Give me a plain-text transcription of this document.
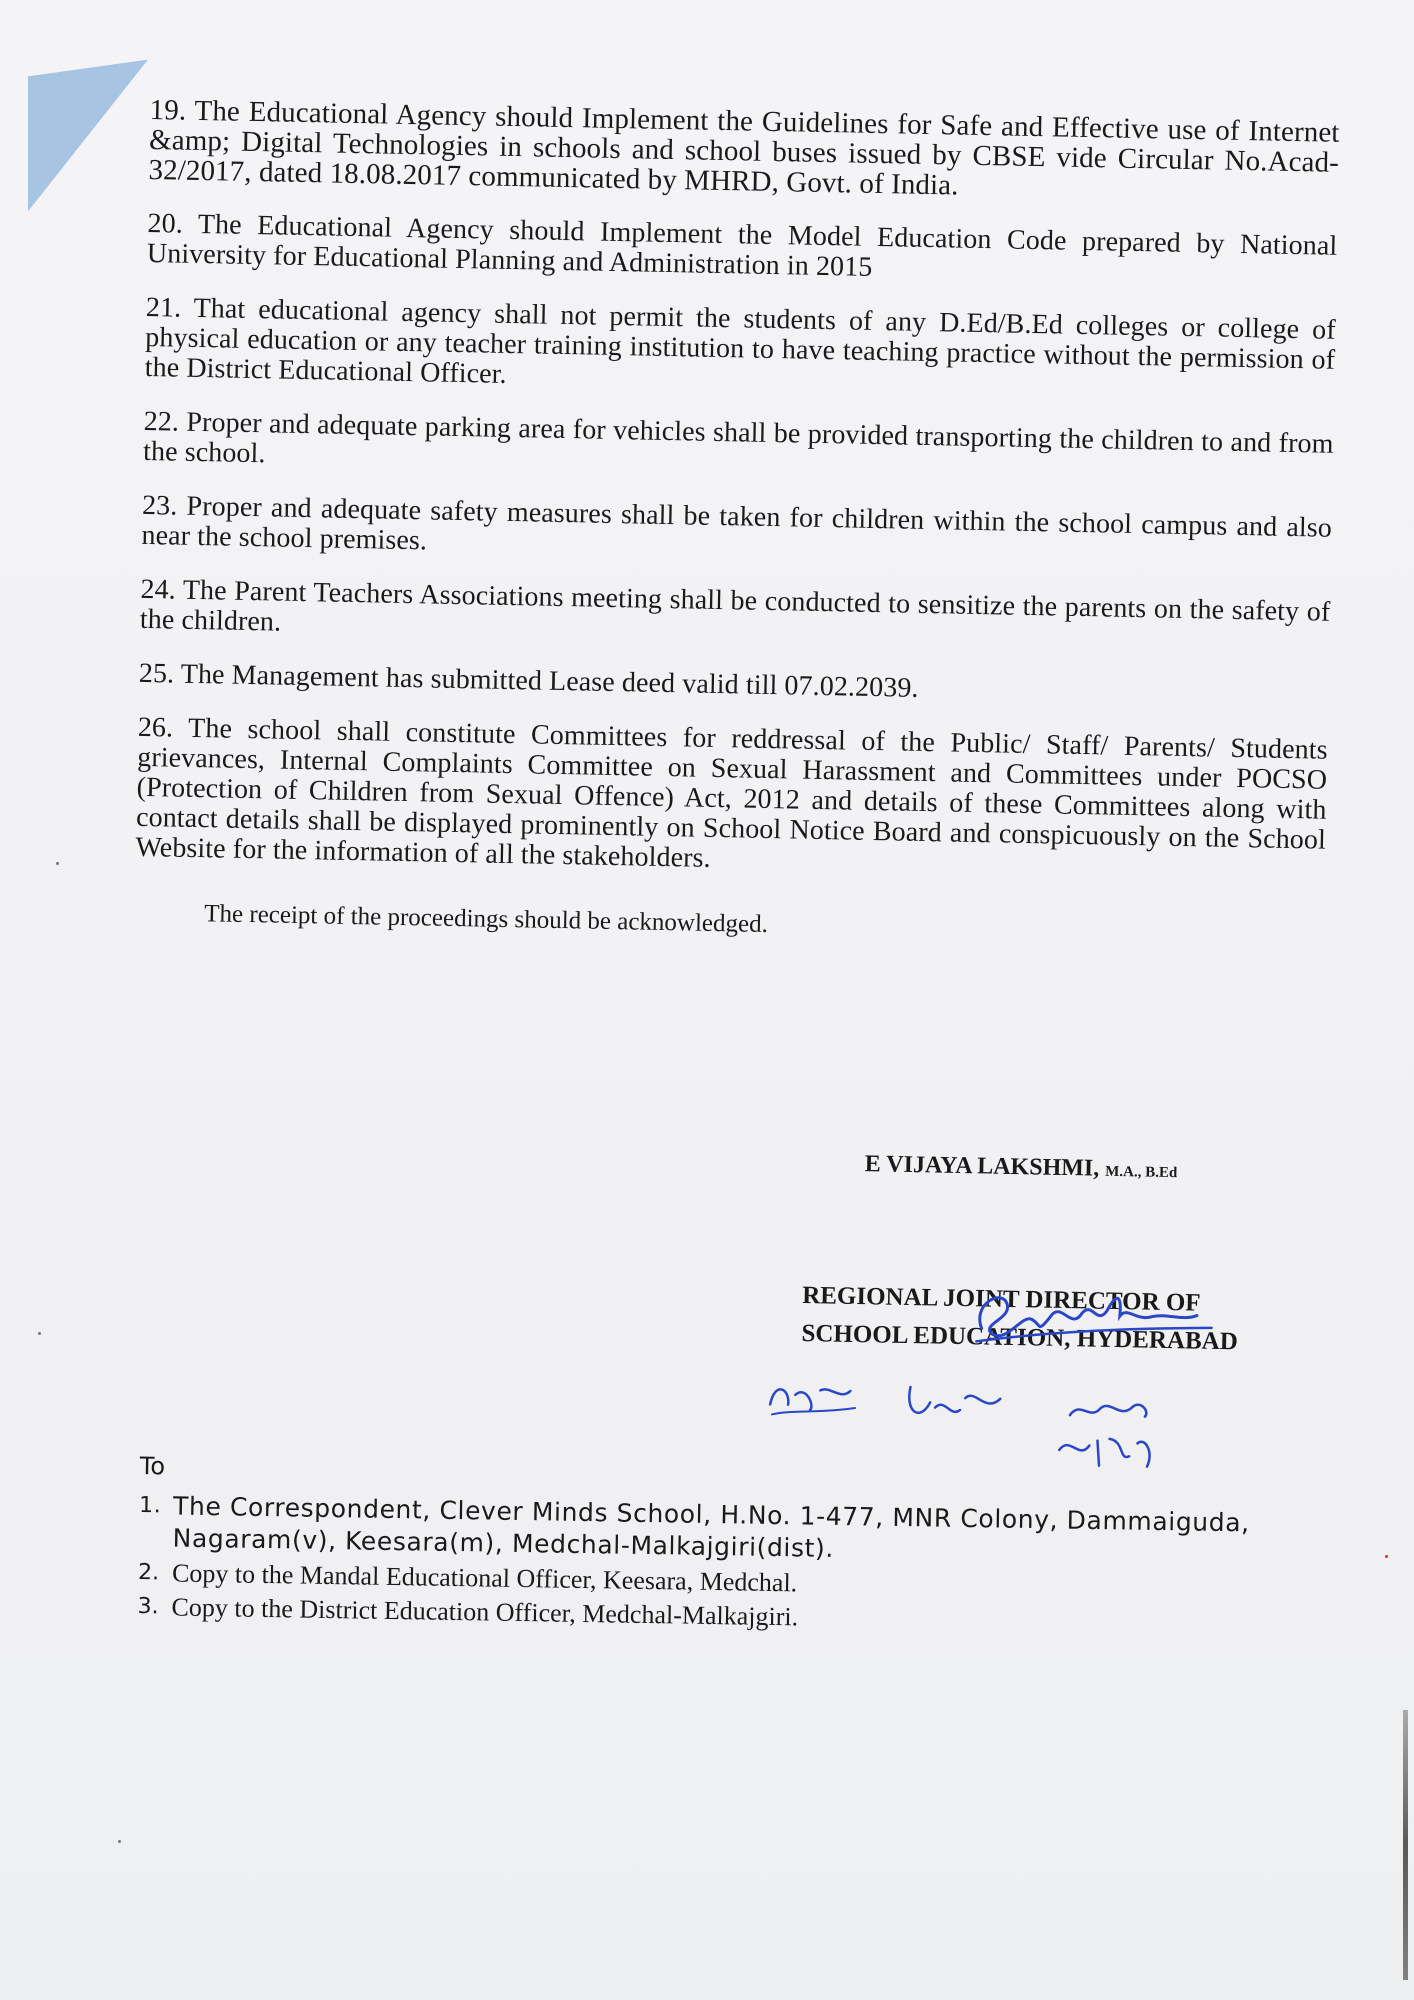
19. The Educational Agency should Implement the Guidelines for Safe and Effective use of Internet &amp; Digital Technologies in schools and school buses issued by CBSE vide Circular No.Acad-32/2017, dated 18.08.2017 communicated by MHRD, Govt. of India.

20. The Educational Agency should Implement the Model Education Code prepared by National University for Educational Planning and Administration in 2015

21. That educational agency shall not permit the students of any D.Ed/B.Ed colleges or college of physical education or any teacher training institution to have teaching practice without the permission of the District Educational Officer.

22. Proper and adequate parking area for vehicles shall be provided transporting the children to and from the school.

23. Proper and adequate safety measures shall be taken for children within the school campus and also near the school premises.

24. The Parent Teachers Associations meeting shall be conducted to sensitize the parents on the safety of the children.

25. The Management has submitted Lease deed valid till 07.02.2039.

26. The school shall constitute Committees for reddressal of the Public/ Staff/ Parents/ Students grievances, Internal Complaints Committee on Sexual Harassment and Committees under POCSO (Protection of Children from Sexual Offence) Act, 2012 and details of these Committees along with contact details shall be displayed prominently on School Notice Board and conspicuously on the School Website for the information of all the stakeholders.

The receipt of the proceedings should be acknowledged.
E VIJAYA LAKSHMI, M.A., B.Ed
REGIONAL JOINT DIRECTOR OF
SCHOOL EDUCATION, HYDERABAD
To
1. The Correspondent, Clever Minds School, H.No. 1-477, MNR Colony, Dammaiguda, Nagaram(v), Keesara(m), Medchal-Malkajgiri(dist).
2. Copy to the Mandal Educational Officer, Keesara, Medchal.
3. Copy to the District Education Officer, Medchal-Malkajgiri.
